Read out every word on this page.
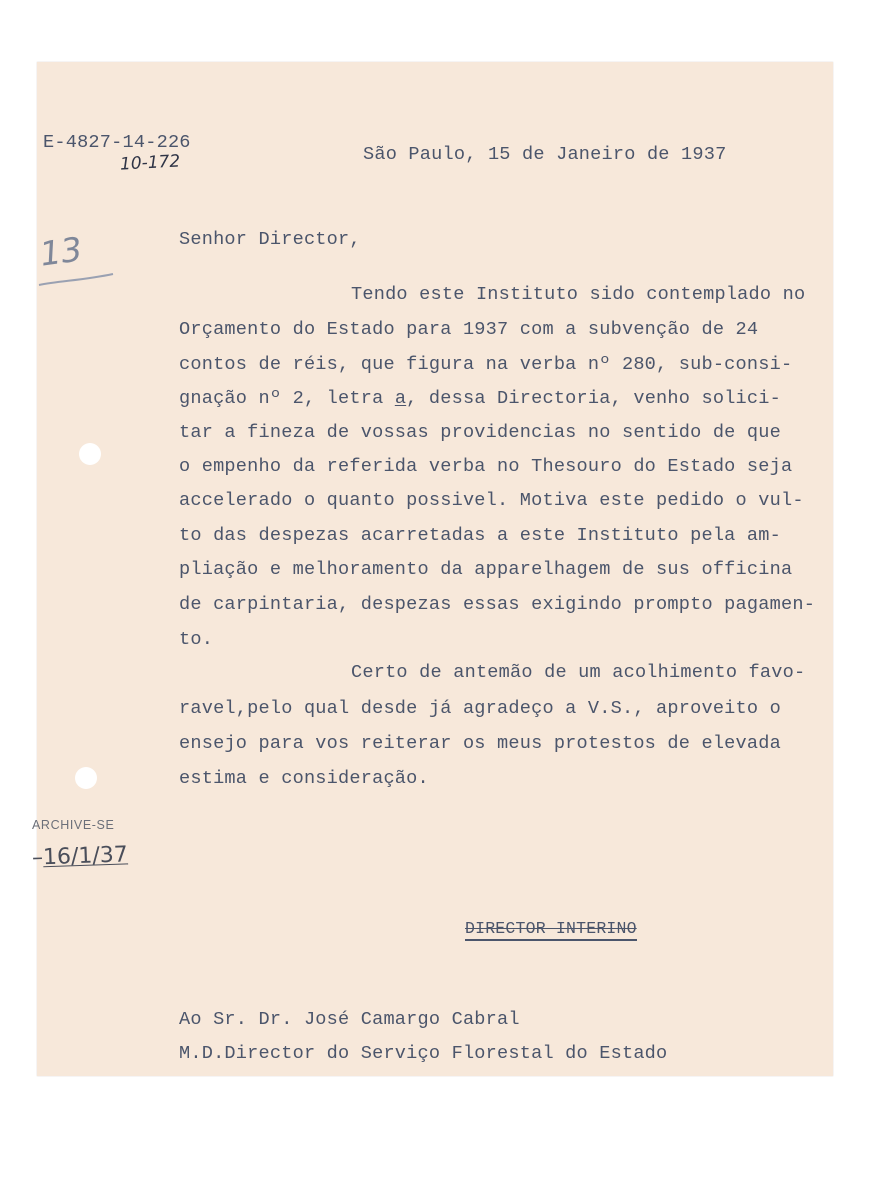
E-4827-14-226
10-172	São Paulo, 15 de Janeiro de 1937
13	Senhor Director,
Tendo este Instituto sido contemplado no
Orçamento do Estado para 1937 com a subvenção de 24
contos de réis, que figura na verba nº 280, sub-consi-
gnação nº 2, letra a, dessa Directoria, venho solici-
tar a fineza de vossas providencias no sentido de que
o empenho da referida verba no Thesouro do Estado seja
accelerado o quanto possivel. Motiva este pedido o vul-
to das despezas acarretadas a este Instituto pela am-
pliação e melhoramento da apparelhagem de sus officina
de carpintaria, despezas essas exigindo prompto pagamen-
to.
Certo de antemão de um acolhimento favo-
ravel,pelo qual desde já agradeço a V.S., aproveito o
ensejo para vos reiterar os meus protestos de elevada
estima e consideração.
ARCHIVE-SE
–16/1/37
DIRECTOR INTERINO
Ao Sr. Dr. José Camargo Cabral
M.D.Director do Serviço Florestal do Estado
